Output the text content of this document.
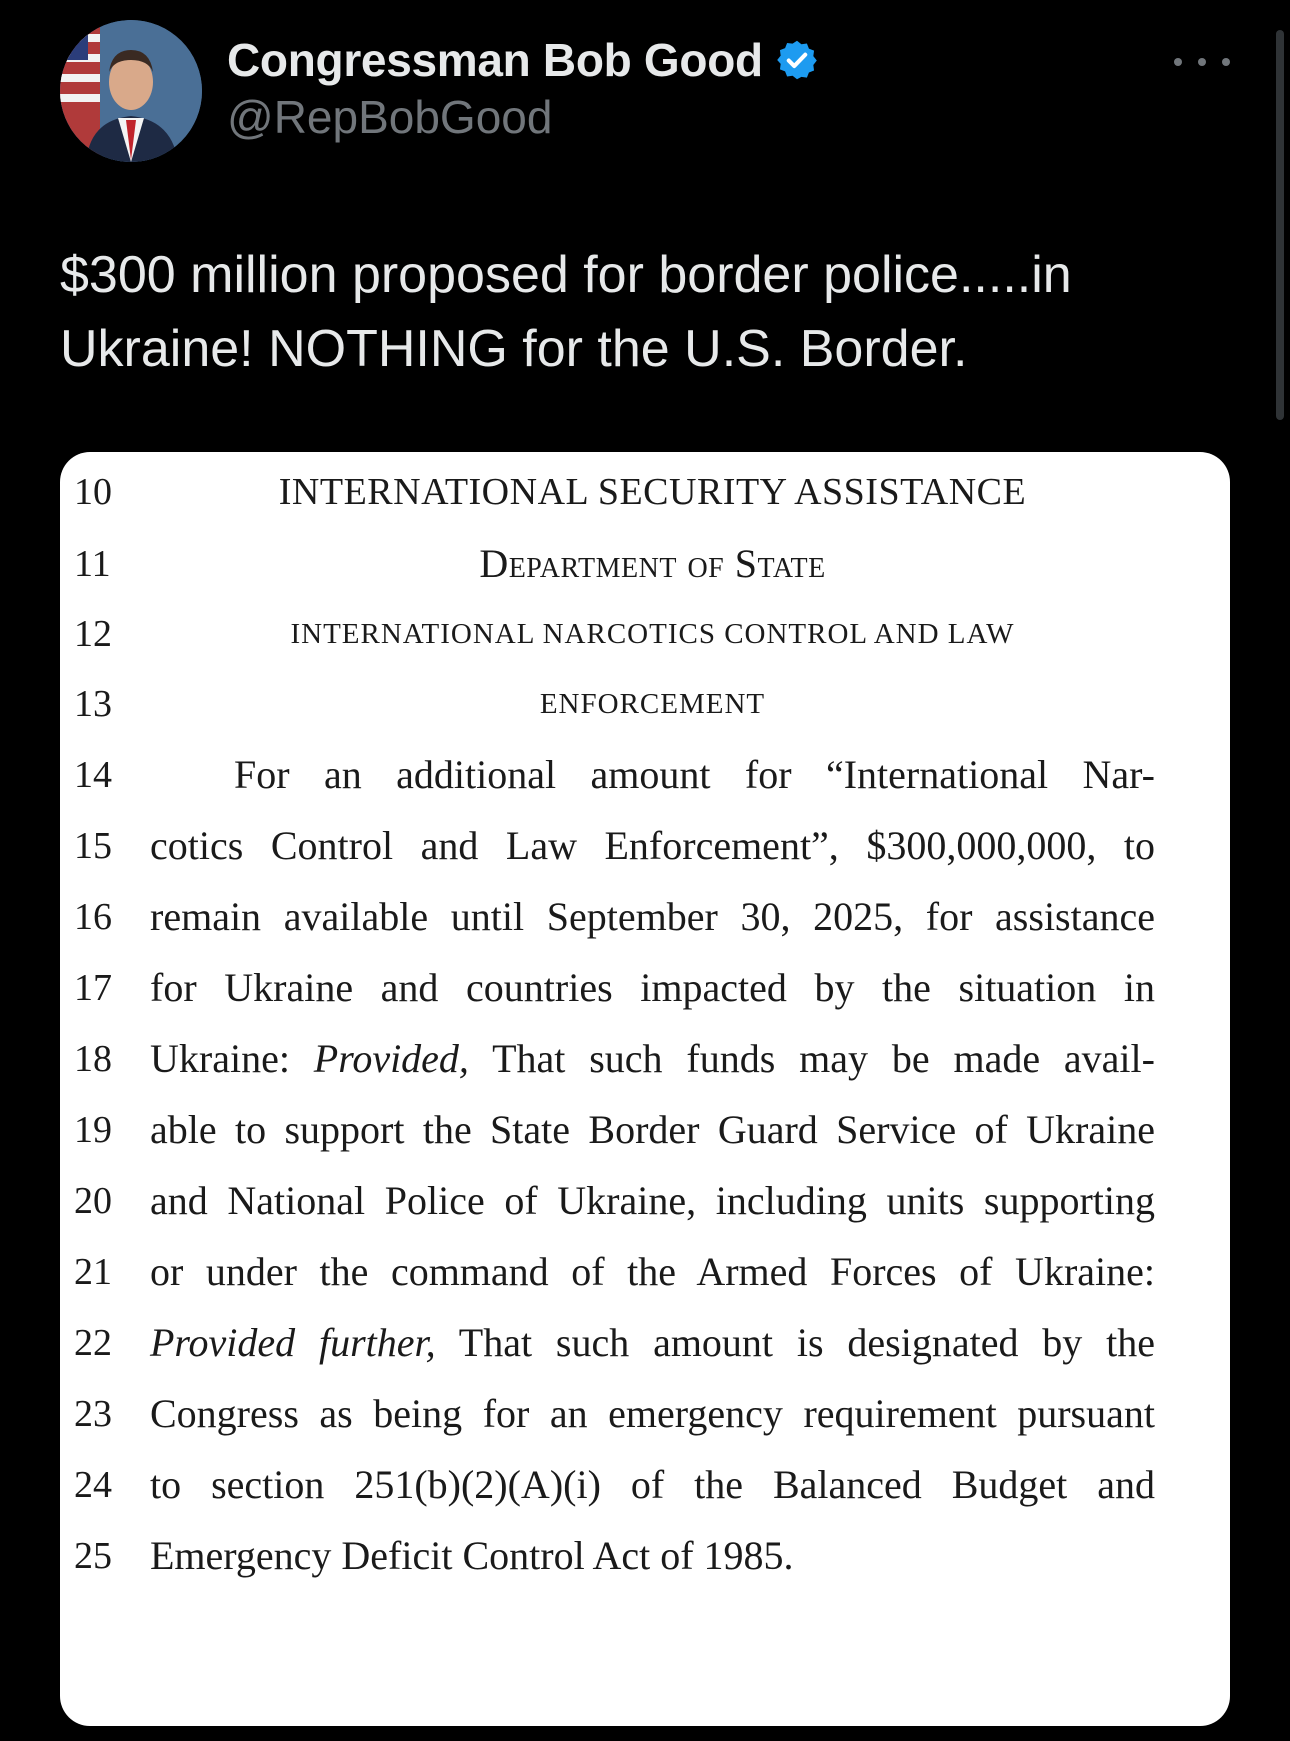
Congressman Bob Good
@RepBobGood
$300 million proposed for border police.....in
Ukraine! NOTHING for the U.S. Border.
10	INTERNATIONAL SECURITY ASSISTANCE
11	Department of State
12	INTERNATIONAL NARCOTICS CONTROL AND LAW
13	ENFORCEMENT
14	For an additional amount for “International Nar-
15 cotics Control and Law Enforcement”, $300,000,000, to
16 remain available until September 30, 2025, for assistance
17 for Ukraine and countries impacted by the situation in
18 Ukraine: Provided, That such funds may be made avail-
19 able to support the State Border Guard Service of Ukraine
20 and National Police of Ukraine, including units supporting
21 or under the command of the Armed Forces of Ukraine:
22 Provided further, That such amount is designated by the
23 Congress as being for an emergency requirement pursuant
24 to section 251(b)(2)(A)(i) of the Balanced Budget and
25 Emergency Deficit Control Act of 1985.
